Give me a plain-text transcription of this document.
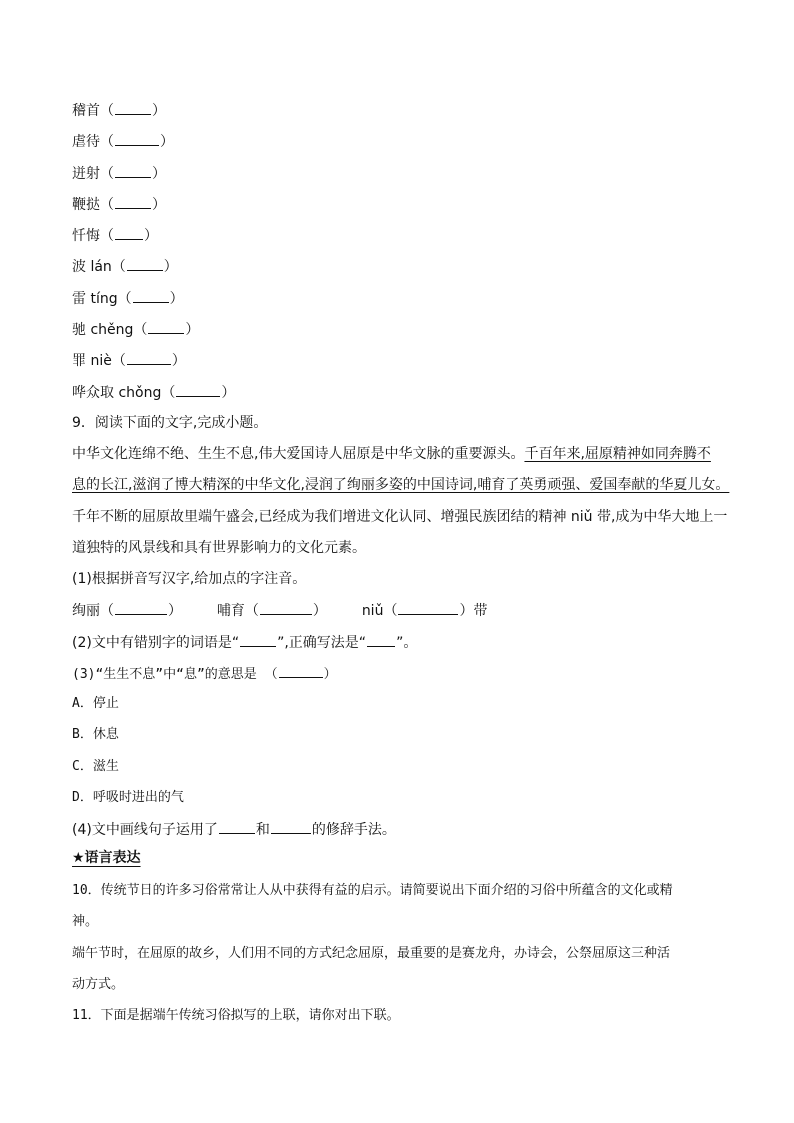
稽首（	）
虐待（	）
迸射（	）
鞭挞（	）
忏悔（ ）
波 lán（	）
雷 tíng（	）
驰 chěng（	）
罪 niè（	）
哗众取 chǒng（	）
9．阅读下面的文字,完成小题。
中华文化连绵不绝、生生不息,伟大爱国诗人屈原是中华文脉的重要源头。千百年来,屈原精神如同奔腾不
息的长江,滋润了博大精深的中华文化,浸润了绚丽多姿的中国诗词,哺育了英勇顽强、爱国奉献的华夏儿女。
千年不断的屈原故里端午盛会,已经成为我们增进文化认同、增强民族团结的精神 niǔ 带,成为中华大地上一
道独特的风景线和具有世界影响力的文化元素。
(1)根据拼音写汉字,给加点的字注音。
绚丽（	） 哺育（	） niǔ（	）带
(2)文中有错别字的词语是“	”,正确写法是“ ”。
(3)“生生不息”中“息”的意思是 （	）
A．停止
B．休息
C．滋生
D．呼吸时进出的气
(4)文中画线句子运用了	和	的修辞手法。
★语言表达
10．传统节日的许多习俗常常让人从中获得有益的启示。请简要说出下面介绍的习俗中所蕴含的文化或精
神。
端午节时，在屈原的故乡，人们用不同的方式纪念屈原，最重要的是赛龙舟，办诗会，公祭屈原这三种活
动方式。
11．下面是据端午传统习俗拟写的上联，请你对出下联。
